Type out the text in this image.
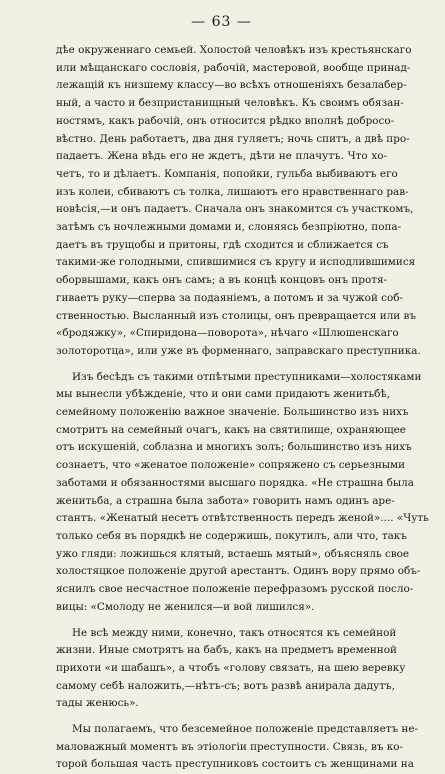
— 63 —
дѣе окруженнаго семьей. Холостой человѣкъ изъ крестьянскаго
или мѣщанскаго сословія, рабочій, мастеровой, вообще принад-
лежащій къ низшему классу—во всѣхъ отношеніяхъ безалабер-
ный, а часто и безпристанищный человѣкъ. Къ своимъ обязан-
ностямъ, какъ рабочій, онъ относится рѣдко вполнѣ добросо-
вѣстно. День работаетъ, два дня гуляетъ; ночь спитъ, а двѣ про-
падаетъ. Жена вѣдь его не ждетъ, дѣти не плачутъ. Что хо-
четъ, то и дѣлаетъ. Компанія, попойки, гульба выбиваютъ его
изъ колеи, сбиваютъ съ толка, лишаютъ его нравственнаго рав-
новѣсія,—и онъ падаетъ. Сначала онъ знакомится съ участкомъ,
затѣмъ съ ночлежными домами и, слоняясь безпріютно, попа-
даетъ въ трущобы и притоны, гдѣ сходится и сближается съ
такими-же голодными, спившимися съ кругу и исподлившимися
оборвышами, какъ онъ самъ; а въ концѣ концовъ онъ протя-
гиваетъ руку—сперва за подаяніемъ, а потомъ и за чужой соб-
ственностью. Высланный изъ столицы, онъ превращается или въ
«бродяжку», «Спиридона—поворота», нѣчаго «Шлюшенскаго
золоторотца», или уже въ форменнаго, заправскаго преступника.
Изъ бесѣдъ съ такими отпѣтыми преступниками—холостяками
мы вынесли убѣжденіе, что и они сами придаютъ женитьбѣ,
семейному положенію важное значеніе. Большинство изъ нихъ
смотритъ на семейный очагъ, какъ на святилище, охраняющее
отъ искушеній, соблазна и многихъ золъ; большинство изъ нихъ
сознаетъ, что «женатое положеніе» сопряжено съ серьезными
заботами и обязанностями высшаго порядка. «Не страшна была
женитьба, а страшна была забота» говорить намъ одинъ аре-
стантъ. «Женатый несетъ отвѣтственность передъ женой».... «Чуть
только себя въ порядкѣ не содержишь, покутилъ, али что, такъ
ужо гляди: ложишься клятый, встаешь мятый», объясняль свое
холостяцкое положеніе другой арестантъ. Одинъ вору прямо объ-
яснилъ свое несчастное положеніе перефразомъ русской посло-
вицы: «Смолоду не женился—и вой лишился».
Не всѣ между ними, конечно, такъ относятся къ семейной
жизни. Иные смотрятъ на бабъ, какъ на предметъ временной
прихоти «и шабашъ», а чтобъ «голову связать, на шею веревку
самому себѣ наложить,—нѣтъ-съ; вотъ развѣ анирала дадутъ,
тады женюсь».
Мы полагаемъ, что безсемейное положеніе представляетъ не-
маловажный моментъ въ этіологіи преступности. Связь, въ ко-
торой большая часть преступниковъ состоитъ съ женщинами на
